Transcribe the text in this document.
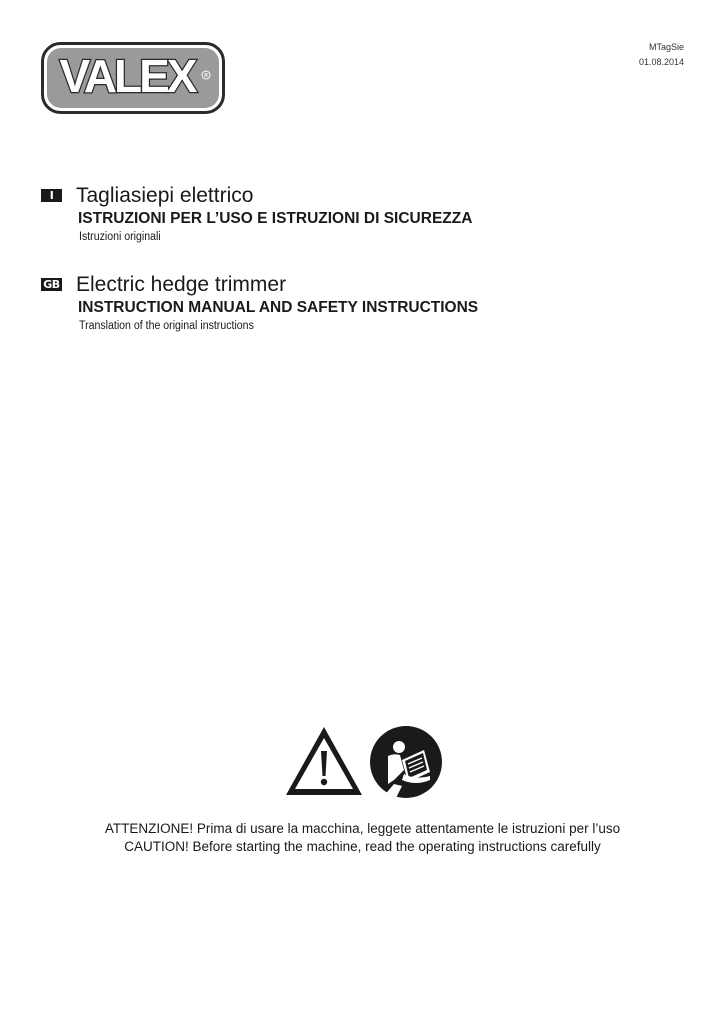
VALEX	R
MTagSie
01.08.2014
I	Tagliasiepi elettrico
ISTRUZIONI PER L’USO E ISTRUZIONI DI SICUREZZA
Istruzioni originali
GB Electric hedge trimmer
INSTRUCTION MANUAL AND SAFETY INSTRUCTIONS
Translation of the original instructions
ATTENZIONE! Prima di usare la macchina, leggete attentamente le istruzioni per l’uso
CAUTION! Before starting the machine, read the operating instructions carefully
